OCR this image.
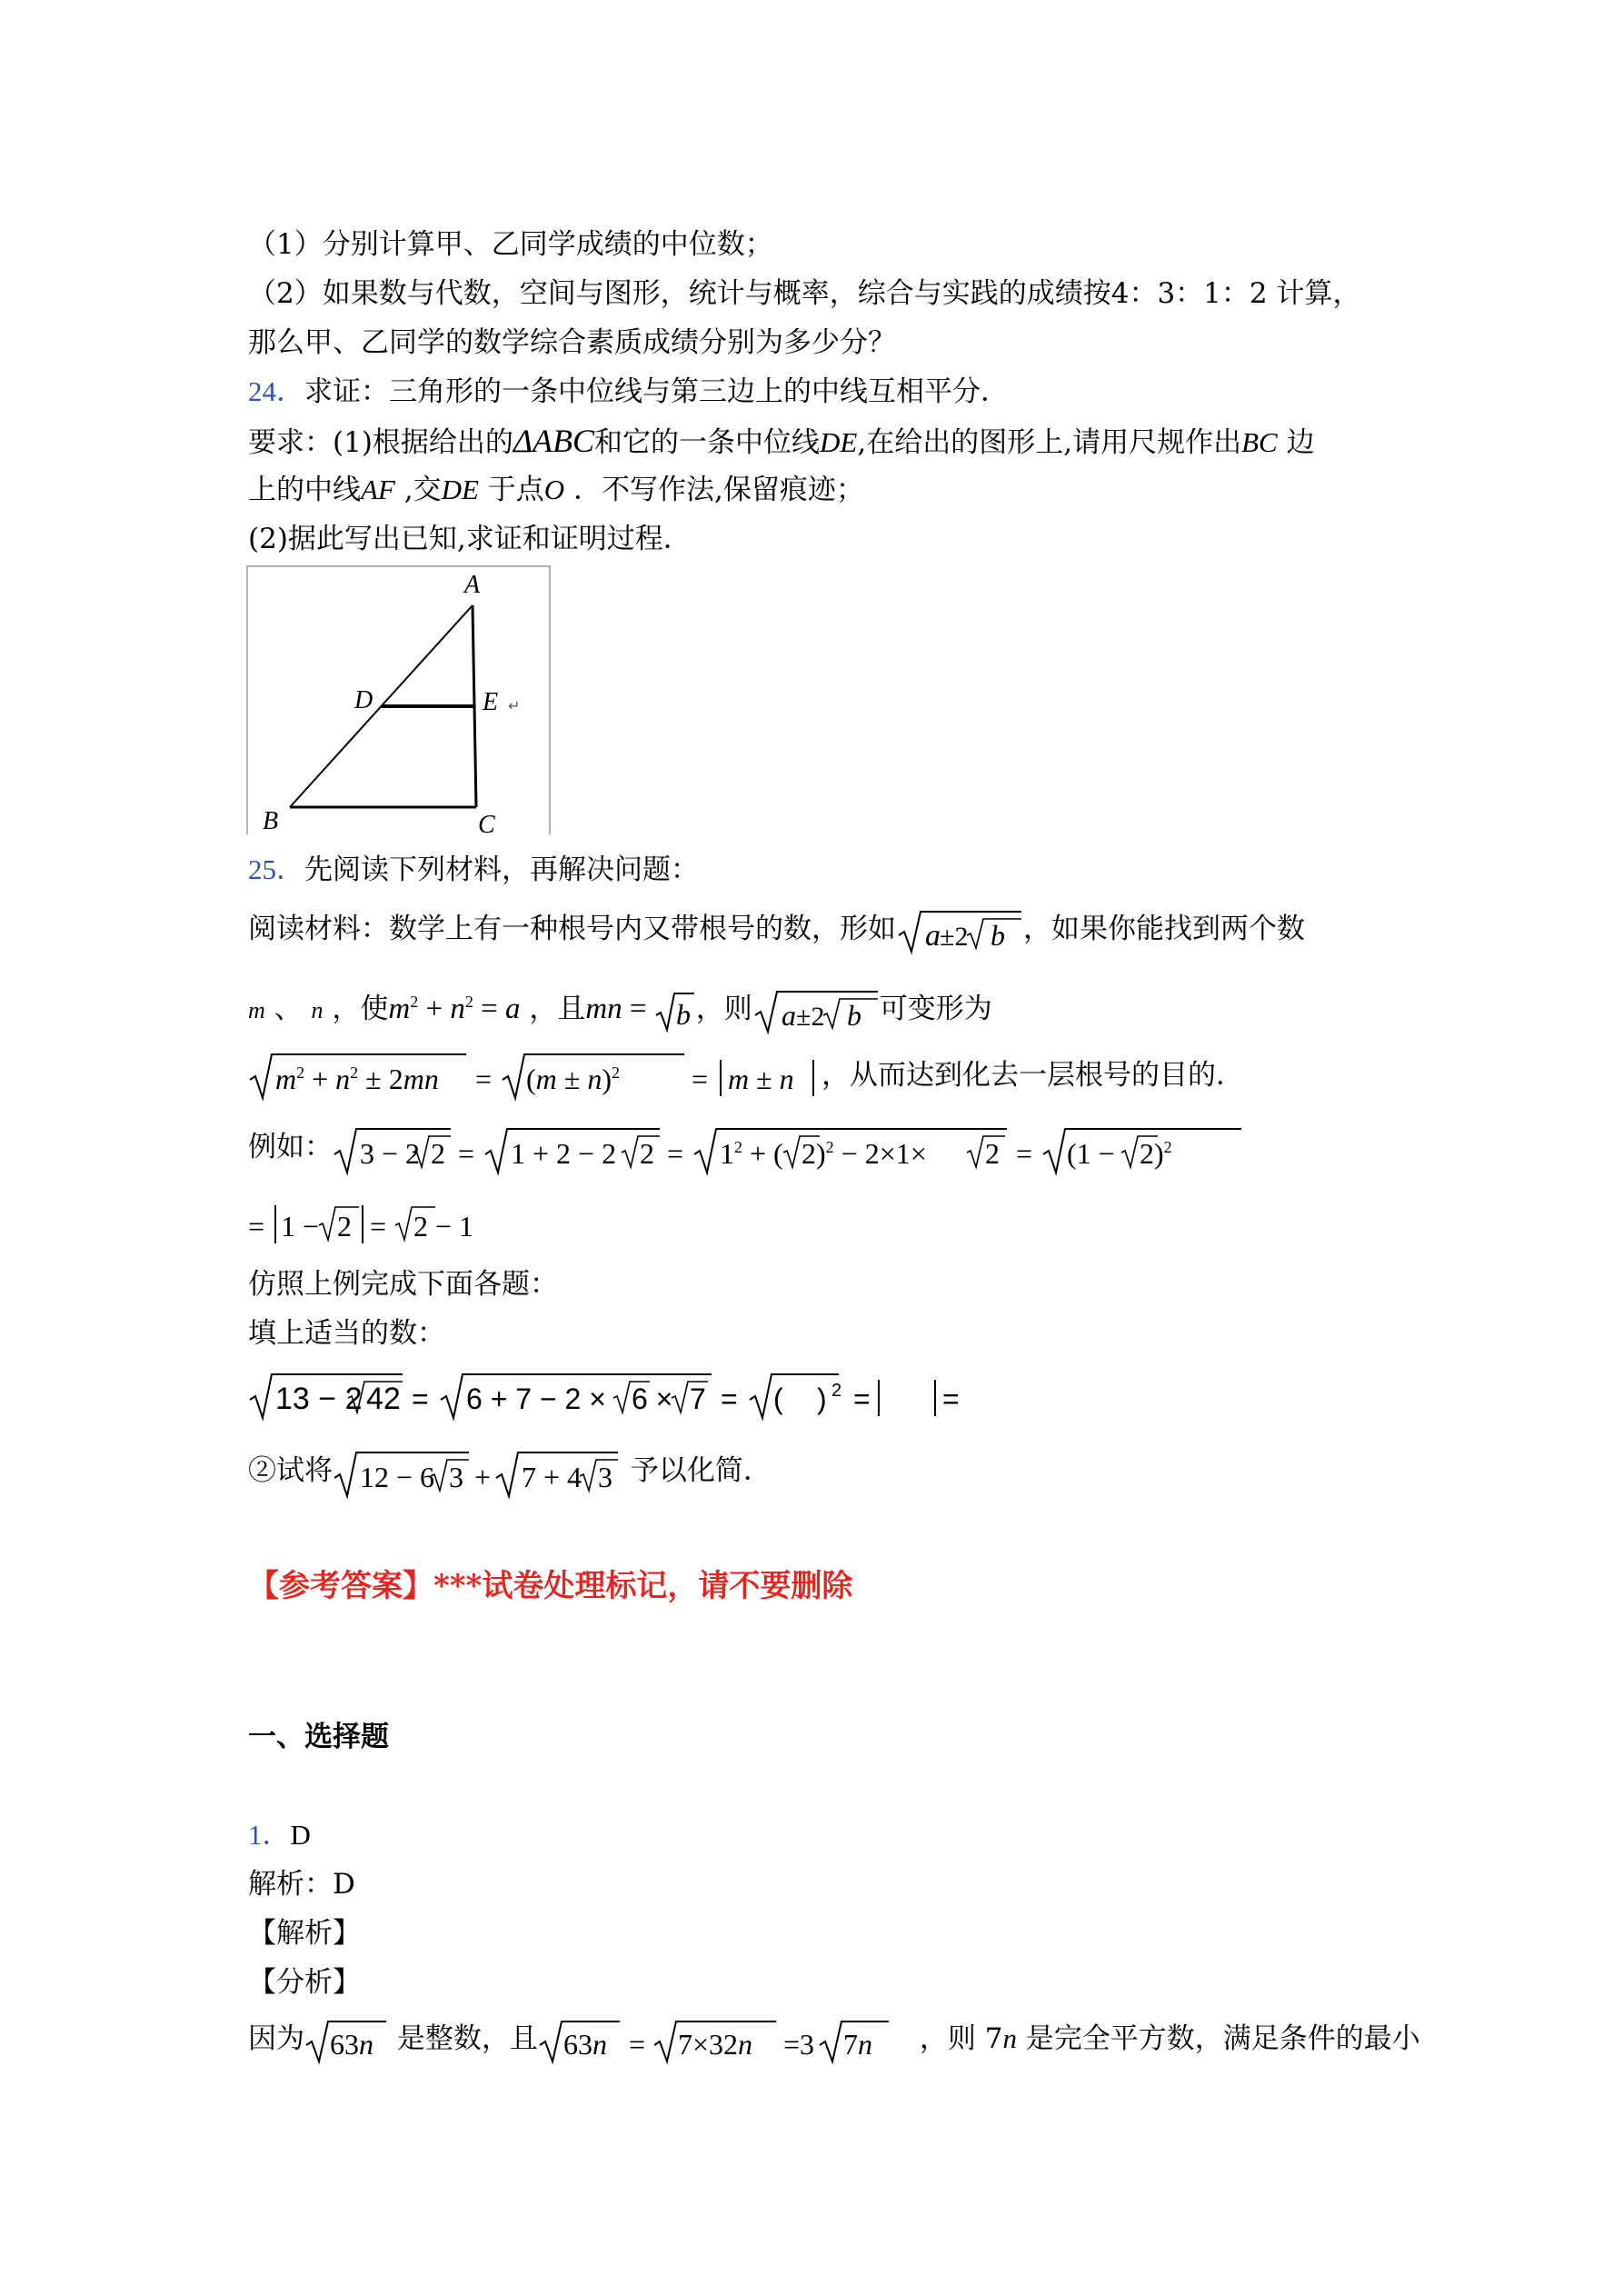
（1）分别计算甲、乙同学成绩的中位数；
（2）如果数与代数，空间与图形，统计与概率，综合与实践的成绩按4：3：1：2 计算，
那么甲、乙同学的数学综合素质成绩分别为多少分？
24．求证：三角形的一条中位线与第三边上的中线互相平分．
要求：(1)根据给出的ΔABC和它的一条中位线DE,在给出的图形上,请用尺规作出BC 边
上的中线AF ,交DE 于点O ．不写作法,保留痕迹；
(2)据此写出已知,求证和证明过程．
A
D	E ↵
B	C
25．先阅读下列材料，再解决问题：
阅读材料：数学上有一种根号内又带根号的数，形如 a ±2 b ，如果你能找到两个数
m 、 n ，使$m^2 + n^2 = a$ ，且mn = b ，则 a ±2 b 可变形为
$m^2 + n^2 \pm 2mn = (m \pm n)^2 = m \pm n$ ，从而达到化去一层根号的目的．
例如： 3 − 2 2 = 1 + 2 − 2 $2 = 1^2$ + ( $2)^2 - 2\times 1\times 2 = (1 - 2)^2$
= 1 − 2 = 2 − 1
仿照上例完成下面各题：
填上适当的数：
13 − 2 42 = 6 + 7 − 2 × 6 × 7 = ( ) 2 = =
②试将 12 − 6 3 + 7 + 4 3 予以化简．
【参考答案】***试卷处理标记，请不要删除
一、选择题
1．D
解析：D
【解析】
【分析】
因为 63n 是整数，且 63n = 7×32n =3 7n ，则 7n 是完全平方数，满足条件的最小
